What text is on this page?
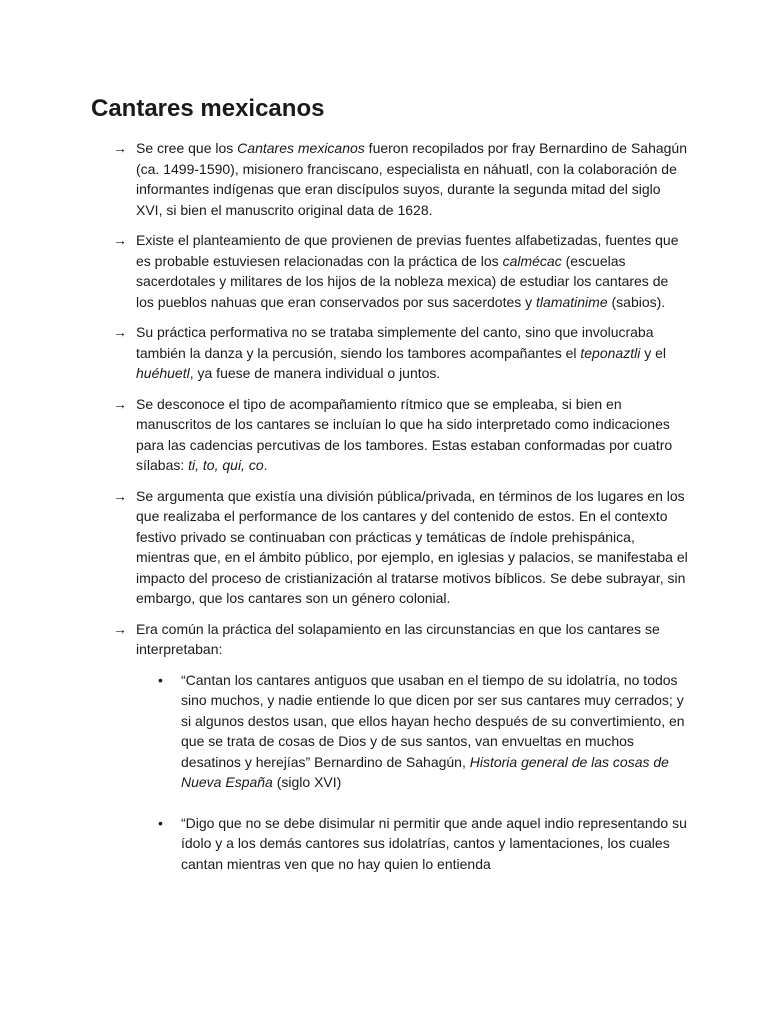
Cantares mexicanos
→ Se cree que los Cantares mexicanos fueron recopilados por fray Bernardino de Sahagún (ca. 1499-1590), misionero franciscano, especialista en náhuatl, con la colaboración de informantes indígenas que eran discípulos suyos, durante la segunda mitad del siglo XVI, si bien el manuscrito original data de 1628.
→ Existe el planteamiento de que provienen de previas fuentes alfabetizadas, fuentes que es probable estuviesen relacionadas con la práctica de los calmécac (escuelas sacerdotales y militares de los hijos de la nobleza mexica) de estudiar los cantares de los pueblos nahuas que eran conservados por sus sacerdotes y tlamatinime (sabios).
→ Su práctica performativa no se trataba simplemente del canto, sino que involucraba también la danza y la percusión, siendo los tambores acompañantes el teponaztli y el huéhuetl, ya fuese de manera individual o juntos.
→ Se desconoce el tipo de acompañamiento rítmico que se empleaba, si bien en manuscritos de los cantares se incluían lo que ha sido interpretado como indicaciones para las cadencias percutivas de los tambores. Estas estaban conformadas por cuatro sílabas: ti, to, qui, co.
→ Se argumenta que existía una división pública/privada, en términos de los lugares en los que realizaba el performance de los cantares y del contenido de estos. En el contexto festivo privado se continuaban con prácticas y temáticas de índole prehispánica, mientras que, en el ámbito público, por ejemplo, en iglesias y palacios, se manifestaba el impacto del proceso de cristianización al tratarse motivos bíblicos. Se debe subrayar, sin embargo, que los cantares son un género colonial.
→ Era común la práctica del solapamiento en las circunstancias en que los cantares se interpretaban:
• “Cantan los cantares antiguos que usaban en el tiempo de su idolatría, no todos sino muchos, y nadie entiende lo que dicen por ser sus cantares muy cerrados; y si algunos destos usan, que ellos hayan hecho después de su convertimiento, en que se trata de cosas de Dios y de sus santos, van envueltas en muchos desatinos y herejías” Bernardino de Sahagún, Historia general de las cosas de Nueva España (siglo XVI)
• “Digo que no se debe disimular ni permitir que ande aquel indio representando su ídolo y a los demás cantores sus idolatrías, cantos y lamentaciones, los cuales cantan mientras ven que no hay quien lo entienda
